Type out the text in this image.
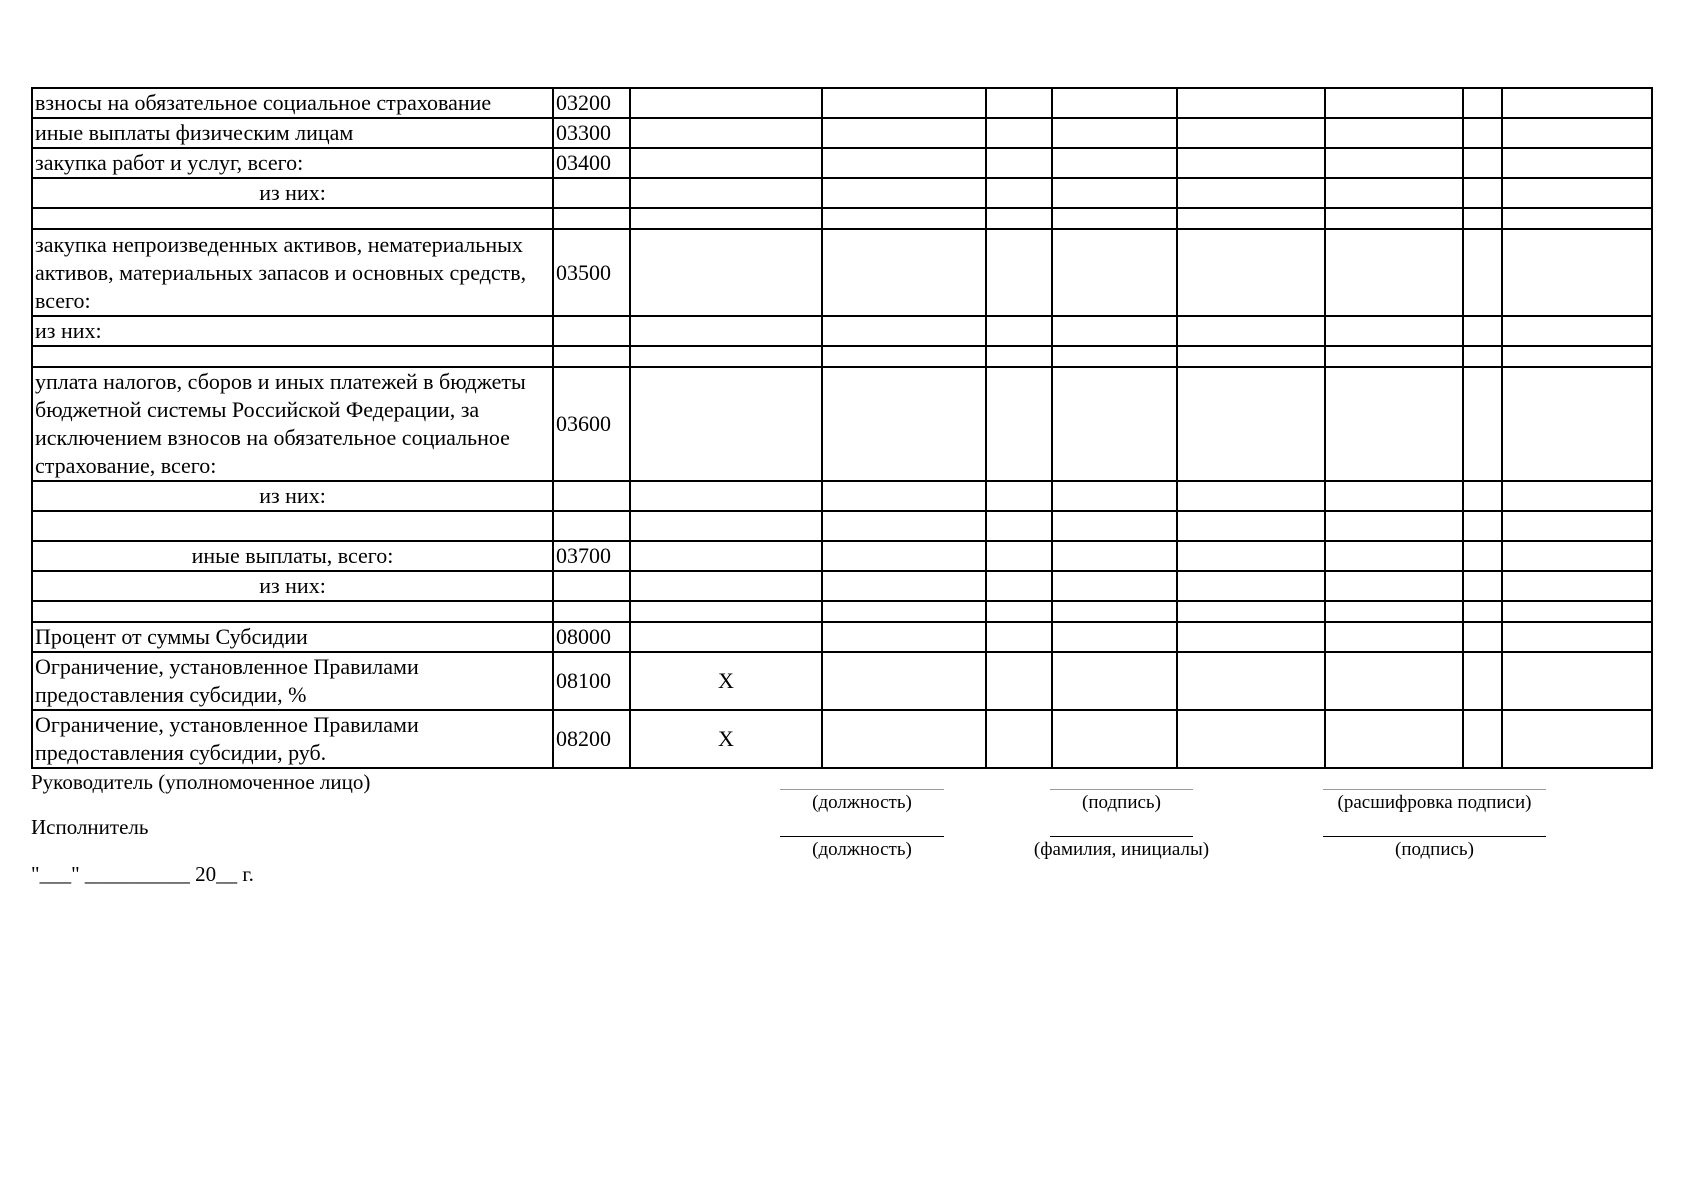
взносы на обязательное социальное страхование	03200								
иные выплаты физическим лицам	03300								
закупка работ и услуг, всего:	03400								
из них:									

закупка непроизведенных активов, нематериальных активов, материальных запасов и основных средств, всего:	03500								
из них:									

уплата налогов, сборов и иных платежей в бюджеты бюджетной системы Российской Федерации, за исключением взносов на обязательное социальное страхование, всего:	03600								
из них:									

иные выплаты, всего:	03700								
из них:									

Процент от суммы Субсидии	08000								
Ограничение, установленное Правилами предоставления субсидии, %	08100	X							
Ограничение, установленное Правилами предоставления субсидии, руб.	08200	X							
Руководитель (уполномоченное лицо)
(должность)	(подпись)	(расшифровка подписи)
Исполнитель
(должность)	(фамилия, инициалы)	(подпись)
"___" __________ 20__ г.
